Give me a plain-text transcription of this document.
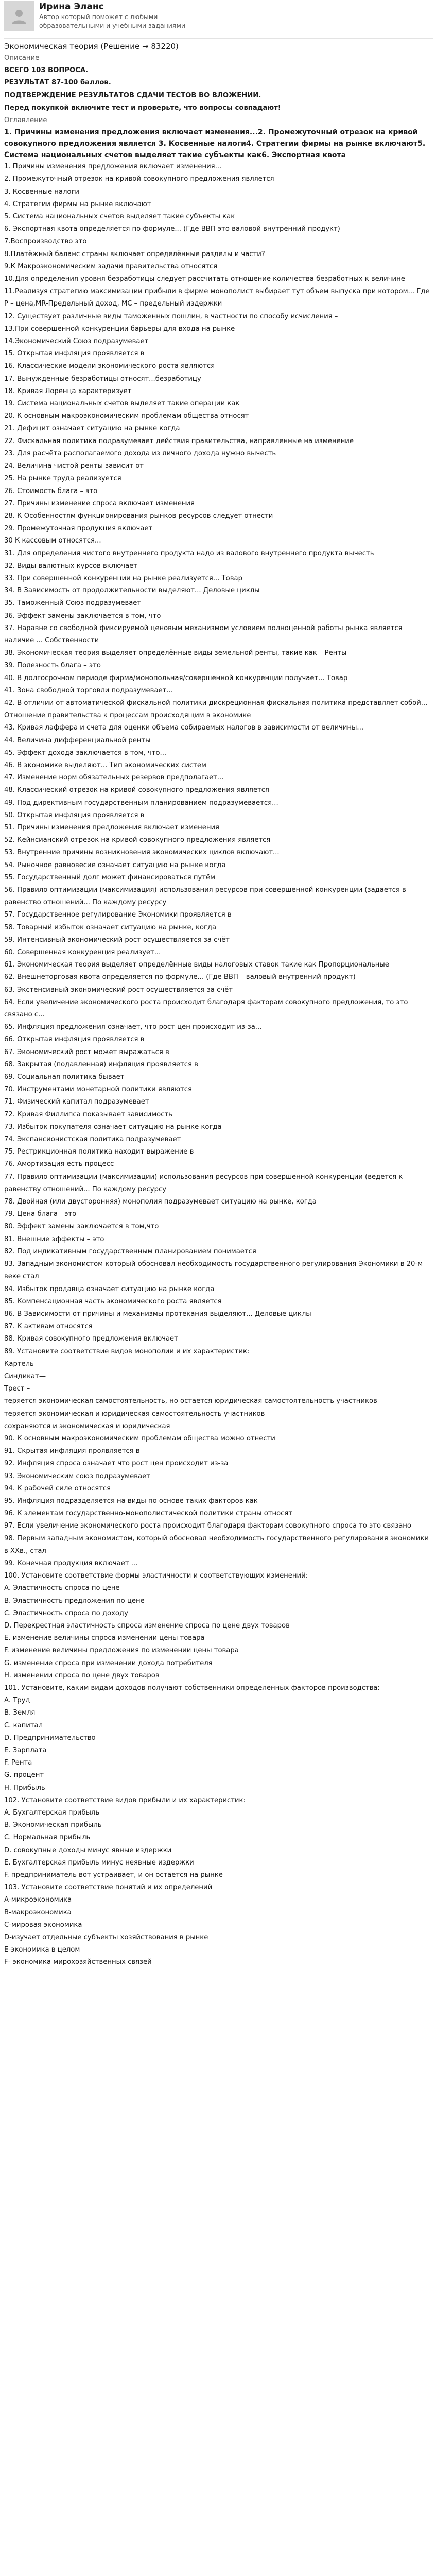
Ирина Эланс
Автор который поможет с любыми образовательными и учебными заданиями
Экономическая теория (Решение → 83220)
Описание
ВСЕГО 103 ВОПРОСА.
РЕЗУЛЬТАТ 87-100 баллов.
ПОДТВЕРЖДЕНИЕ РЕЗУЛЬТАТОВ СДАЧИ ТЕСТОВ ВО ВЛОЖЕНИИ.
Перед покупкой включите тест и проверьте, что вопросы совпадают!
Оглавление
1. Причины изменения предложения включает изменения...2. Промежуточный отрезок на кривой совокупного предложения является 3. Косвенные налоги4. Стратегии фирмы на рынке включают5. Система национальных счетов выделяет такие субъекты как6. Экспортная квота
1. Причины изменения предложения включает изменения...
2. Промежуточный отрезок на кривой совокупного предложения является
3. Косвенные налоги
4. Стратегии фирмы на рынке включают
5. Система национальных счетов выделяет такие субъекты как
6. Экспортная квота определяется по формуле... (Где ВВП это валовой внутренний продукт)
7.Воспроизводство это
8.Платёжный баланс страны включает определённые разделы и части?
9.К Макроэкономическим задачи правительства относятся
10.Для определения уровня безработицы следует рассчитать отношение количества безработных к величине
11.Реализуя стратегию максимизации прибыли в фирме монополист выбирает тут объем выпуска при котором... Где P – цена,MR-Предельный доход, MC – предельный издержки
12. Существует различные виды таможенных пошлин, в частности по способу исчисления –
13.При совершенной конкуренции барьеры для входа на рынке
14.Экономический Союз подразумевает
15. Открытая инфляция проявляется в
16. Классические модели экономического роста являются
17. Вынужденные безработицы относят...безработицу
18. Кривая Лоренца характеризует
19. Система национальных счетов выделяет такие операции как
20. К основным макроэкономическим проблемам общества относят
21. Дефицит означает ситуацию на рынке когда
22. Фискальная политика подразумевает действия правительства, направленные на изменение
23. Для расчёта располагаемого дохода из личного дохода нужно вычесть
24. Величина чистой ренты зависит от
25. На рынке труда реализуется
26. Стоимость блага – это
27. Причины изменение спроса включает изменения
28. К Особенностям функционирования рынков ресурсов следует отнести
29. Промежуточная продукция включает
30 К кассовым относятся...
31. Для определения чистого внутреннего продукта надо из валового внутреннего продукта вычесть
32. Виды валютных курсов включает
33. При совершенной конкуренции на рынке реализуется... Товар
34. В Зависимость от продолжительности выделяют... Деловые циклы
35. Таможенный Союз подразумевает
36. Эффект замены заключается в том, что
37. Наравне со свободной фиксируемой ценовым механизмом условием полноценной работы рынка является наличие ... Собственности
38. Экономическая теория выделяет определённые виды земельной ренты, такие как – Ренты
39. Полезность блага – это
40. В долгосрочном периоде фирма/монопольная/совершенной конкуренции получает... Товар
41. Зона свободной торговли подразумевает...
42. В отличии от автоматической фискальной политики дискреционная фискальная политика представляет собой... Отношение правительства к процессам происходящим в экономике
43. Кривая лаффера и счета для оценки объема собираемых налогов в зависимости от величины...
44. Величина дифференциальной ренты
45. Эффект дохода заключается в том, что...
46. В экономике выделяют... Тип экономических систем
47. Изменение норм обязательных резервов предполагает...
48. Классический отрезок на кривой совокупного предложения является
49. Под директивным государственным планированием подразумевается...
50. Открытая инфляция проявляется в
51. Причины изменения предложения включает изменения
52. Кейнсианский отрезок на кривой совокупного предложения является
53. Внутренние причины возникновения экономических циклов включают...
54. Рыночное равновесие означает ситуацию на рынке когда
55. Государственный долг может финансироваться путём
56. Правило оптимизации (максимизация) использования ресурсов при совершенной конкуренции (задается в равенство отношений... По каждому ресурсу
57. Государственное регулирование Экономики проявляется в
58. Товарный избыток означает ситуацию на рынке, когда
59. Интенсивный экономический рост осуществляется за счёт
60. Совершенная конкуренция реализует...
61. Экономическая теория выделяет определённые виды налоговых ставок такие как Пропорциональные
62. Внешнеторговая квота определяется по формуле... (Где ВВП – валовый внутренний продукт)
63. Экстенсивный экономический рост осуществляется за счёт
64. Если увеличение экономического роста происходит благодаря факторам совокупного предложения, то это связано с...
65. Инфляция предложения означает, что рост цен происходит из-за...
66. Открытая инфляция проявляется в
67. Экономический рост может выражаться в
68. Закрытая (подавленная) инфляция проявляется в
69. Социальная политика бывает
70. Инструментами монетарной политики являются
71. Физический капитал подразумевает
72. Кривая Филлипса показывает зависимость
73. Избыток покупателя означает ситуацию на рынке когда
74. Экспансионистская политика подразумевает
75. Рестрикционная политика находит выражение в
76. Амортизация есть процесс
77. Правило оптимизации (максимизации) использования ресурсов при совершенной конкуренции (ведется к равенству отношений... По каждому ресурсу
78. Двойная (или двусторонняя) монополия подразумевает ситуацию на рынке, когда
79. Цена блага—это
80. Эффект замены заключается в том,что
81. Внешние эффекты – это
82. Под индикативным государственным планированием понимается
83. Западным экономистом который обосновал необходимость государственного регулирования Экономики в 20-м веке стал
84. Избыток продавца означает ситуацию на рынке когда
85. Компенсационная часть экономического роста является
86. В Зависимости от причины и механизмы протекания выделяют... Деловые циклы
87. К активам относятся
88. Кривая совокупного предложения включает
89. Установите соответствие видов монополии и их характеристик:
Картель—
Синдикат—
Трест –
теряется экономическая самостоятельность, но остается юридическая самостоятельность участников
теряется экономическая и юридическая самостоятельность участников
сохраняются и экономическая и юридическая
90. К основным макроэкономическим проблемам общества можно отнести
91. Скрытая инфляция проявляется в
92. Инфляция спроса означает что рост цен происходит из-за
93. Экономическим союз подразумевает
94. К рабочей силе относятся
95. Инфляция подразделяется на виды по основе таких факторов как
96. К элементам государственно-монополистической политики страны относят
97. Если увеличение экономического роста происходит благодаря факторам совокупного спроса то это связано
98. Первым западным экономистом, который обосновал необходимость государственного регулирования экономики в XXв., стал
99. Конечная продукция включает ...
100. Установите соответствие формы эластичности и соответствующих изменений:
А. Эластичность спроса по цене
B. Эластичность предложения по цене
C. Эластичность спроса по доходу
D. Перекрестная эластичность спроса изменение спроса по цене двух товаров
E. изменение величины спроса изменении цены товара
F. изменение величины предложения по изменении цены товара
G. изменение спроса при изменении дохода потребителя
H. изменении спроса по цене двух товаров
101. Установите, каким видам доходов получают собственники определенных факторов производства:
A. Труд
B. Земля
C. капитал
D. Предпринимательство
E. Зарплата
F. Рента
G. процент
H. Прибыль
102. Установите соответствие видов прибыли и их характеристик:
A. Бухгалтерская прибыль
B. Экономическая прибыль
C. Нормальная прибыль
D. совокупные доходы минус явные издержки
E. Бухгалтерская прибыль минус неявные издержки
F. предприниматель вот устраивает, и он остается на рынке
103. Установите соответствие понятий и их определений
А-микроэкономика
В-макроэкономика
С-мировая экономика
D-изучает отдельные субъекты хозяйствования в рынке
E-экономика в целом
F- экономика мирохозяйственных связей
